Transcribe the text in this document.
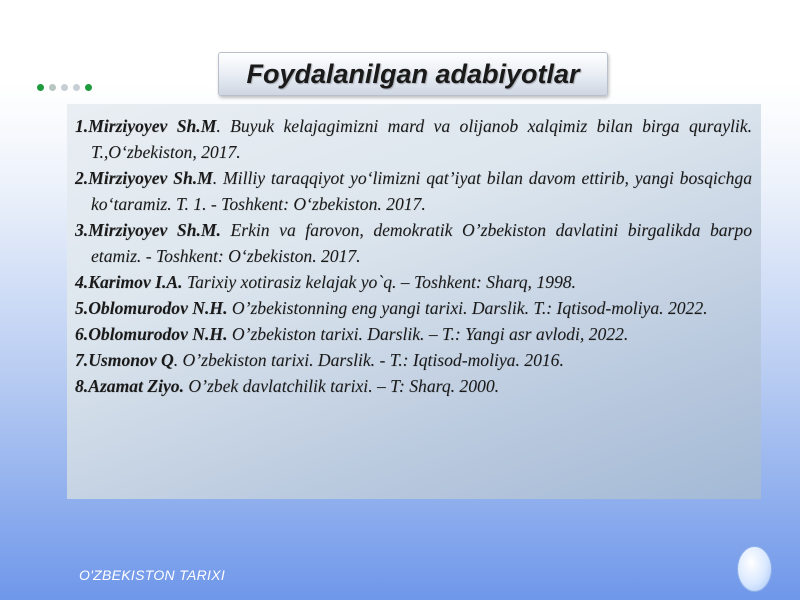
Foydalanilgan adabiyotlar
1.Mirziyoyev Sh.M. Buyuk kelajagimizni mard va olijanob xalqimiz bilan birga quraylik. T.,O‘zbekiston, 2017.
2.Mirziyoyev Sh.M. Milliy taraqqiyot yo‘limizni qat’iyat bilan davom ettirib, yangi bosqichga ko‘taramiz. T. 1. - Toshkent: O‘zbekiston. 2017.
3.Mirziyoyev Sh.M. Erkin va farovon, demokratik O’zbekiston davlatini birgalikda barpo etamiz. - Toshkent: O‘zbekiston. 2017.
4.Karimov I.A. Tarixiy xotirasiz kelajak yo`q. – Toshkent: Sharq, 1998.
5.Oblomurodov N.H. O’zbekistonning eng yangi tarixi. Darslik. T.: Iqtisod-moliya. 2022.
6.Oblomurodov N.H. O’zbekiston tarixi. Darslik. – T.: Yangi asr avlodi, 2022.
7.Usmonov Q. O’zbekiston tarixi. Darslik. - T.: Iqtisod-moliya. 2016.
8.Azamat Ziyo. O’zbek davlatchilik tarixi. – T: Sharq. 2000.
O'ZBEKISTON TARIXI
